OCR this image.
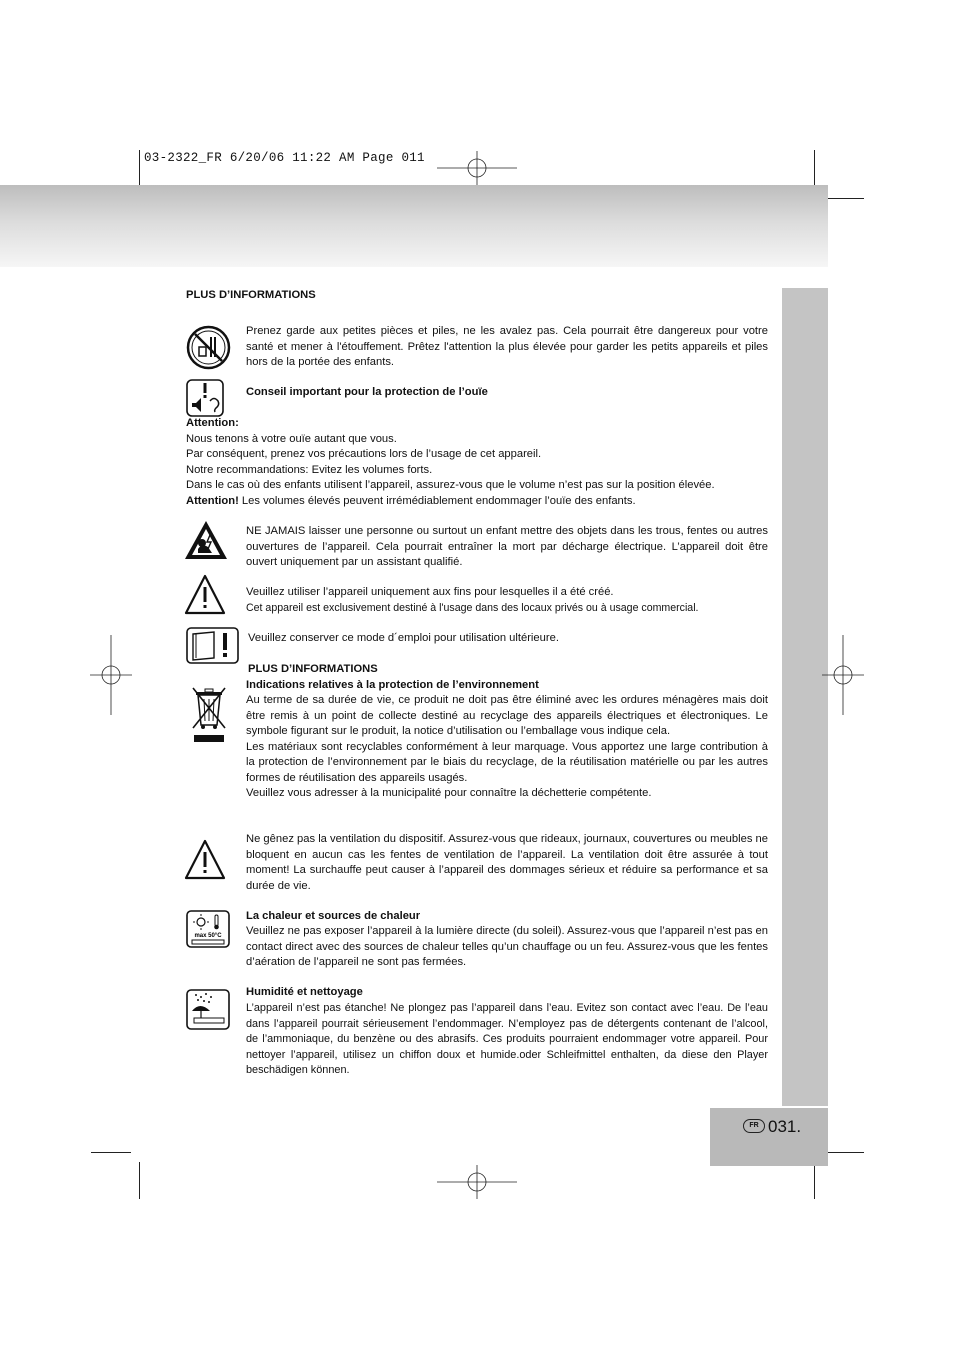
03-2322_FR 6/20/06 11:22 AM Page 011
PLUS D’INFORMATIONS
Prenez garde aux petites pièces et piles, ne les avalez pas. Cela pourrait être dangereux pour votre santé et mener à l'étouffement. Prêtez l'attention la plus élevée pour garder les petits appareils et piles hors de la portée des enfants.
Conseil important pour la protection de l’ouïe

Attention:

Nous tenons à votre ouïe autant que vous.

Par conséquent, prenez vos précautions lors de l’usage de cet appareil.

Notre recommandations: Evitez les volumes forts.

Dans le cas où des enfants utilisent l’appareil, assurez-vous que le volume n’est pas sur la position élevée.

Attention! Les volumes élevés peuvent irrémédiablement endommager l’ouïe des enfants.

NE JAMAIS laisser une personne ou surtout un enfant mettre des objets dans les trous, fentes ou autres ouvertures de l’appareil. Cela pourrait entraîner la mort par décharge électrique. L’appareil doit être ouvert uniquement par un assistant qualifié.
Veuillez utiliser l’appareil uniquement aux fins pour lesquelles il a été créé.
Cet appareil est exclusivement destiné à l'usage dans des locaux privés ou à usage commercial.
Veuillez conserver ce mode d´emploi pour utilisation ultérieure.
PLUS D’INFORMATIONS
Indications relatives à la protection de l’environnement

Au terme de sa durée de vie, ce produit ne doit pas être éliminé avec les ordures ménagères mais doit être remis à un point de collecte destiné au recyclage des appareils électriques et électroniques. Le symbole figurant sur le produit, la notice d’utilisation ou l’emballage vous indique cela.

Les matériaux sont recyclables conformément à leur marquage. Vous apportez une large contribution à la protection de l’environnement par le biais du recyclage, de la réutilisation matérielle ou par les autres formes de réutilisation des appareils usagés.

Veuillez vous adresser à la municipalité pour connaître la déchetterie compétente.

Ne gênez pas la ventilation du dispositif. Assurez-vous que rideaux, journaux, couvertures ou meubles ne bloquent en aucun cas les fentes de ventilation de l’appareil. La ventilation doit être assurée à tout moment! La surchauffe peut causer à l’appareil des dommages sérieux et réduire sa performance et sa durée de vie.
max 50°C
La chaleur et sources de chaleur
Veuillez ne pas exposer l’appareil à la lumière directe (du soleil). Assurez-vous que l’appareil n’est pas en contact direct avec des sources de chaleur telles qu’un chauffage ou un feu. Assurez-vous que les fentes d’aération de l’appareil ne sont pas fermées.
Humidité et nettoyage
L’appareil n’est pas étanche! Ne plongez pas l’appareil dans l’eau. Evitez son contact avec l’eau. De l’eau dans l’appareil pourrait sérieusement l’endommager. N’employez pas de détergents contenant de l’alcool, de l’ammoniaque, du benzène ou des abrasifs. Ces produits pourraient endommager votre appareil. Pour nettoyer l’appareil, utilisez un chiffon doux et humide.oder Schleifmittel enthalten, da diese den Player beschädigen können.
FR 031.
